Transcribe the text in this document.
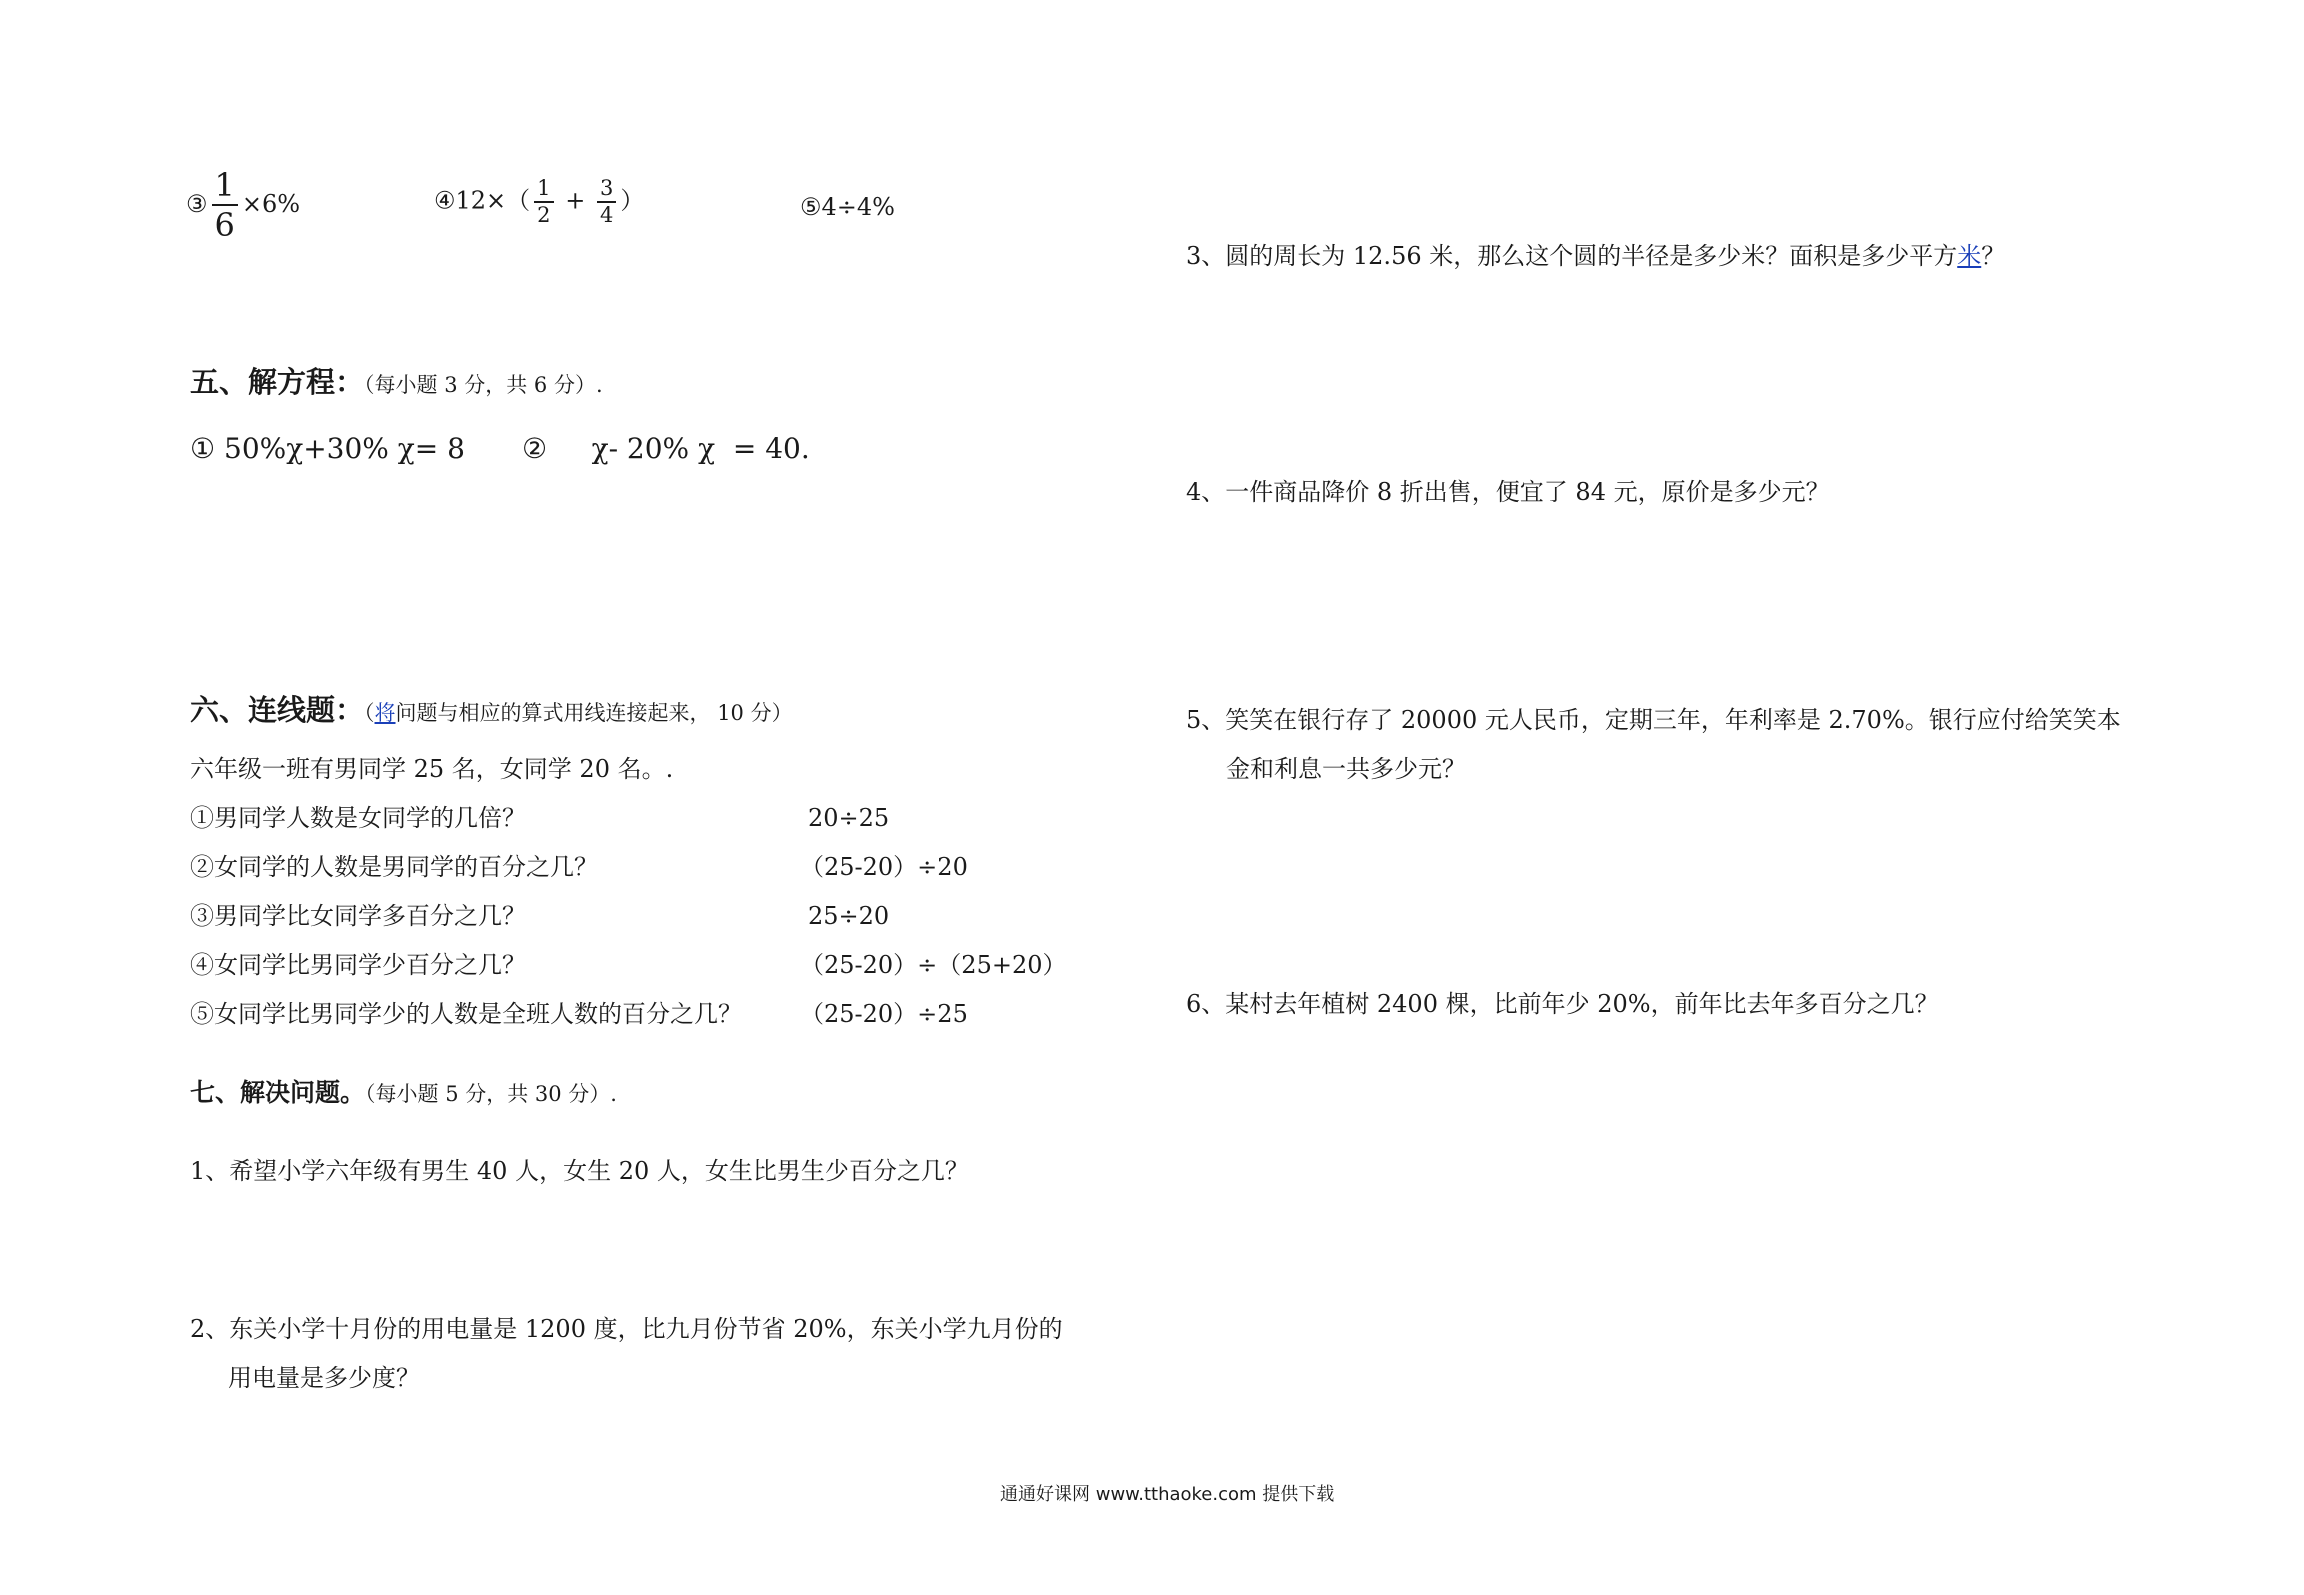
③ $\frac{1}{6} \times 6\%$	④12×（ $\frac{1}{2} + \frac{3}{4}$ ）	⑤4÷4%
五、解方程：（每小题 3 分，共 6 分）.
① 50%χ+30% χ= 8 ②     χ- 20% χ  = 40.
六、连线题：（将问题与相应的算式用线连接起来， 10 分）
六年级一班有男同学 25 名，女同学 20 名。.
①男同学人数是女同学的几倍？
②女同学的人数是男同学的百分之几？
③男同学比女同学多百分之几？
④女同学比男同学少百分之几？
⑤女同学比男同学少的人数是全班人数的百分之几？
20÷25
（25-20）÷20
25÷20
（25-20）÷（25+20）
（25-20）÷25
七、解决问题。（每小题 5 分，共 30 分）.
1、希望小学六年级有男生 40 人，女生 20 人，女生比男生少百分之几？
2、东关小学十月份的用电量是 1200 度，比九月份节省 20%，东关小学九月份的
用电量是多少度？
3、圆的周长为 12.56 米，那么这个圆的半径是多少米？面积是多少平方米？
4、一件商品降价 8 折出售，便宜了 84 元，原价是多少元？
5、笑笑在银行存了 20000 元人民币，定期三年，年利率是 2.70%。银行应付给笑笑本
金和利息一共多少元？
6、某村去年植树 2400 棵，比前年少 20%，前年比去年多百分之几？
通通好课网 www.tthaoke.com 提供下载
